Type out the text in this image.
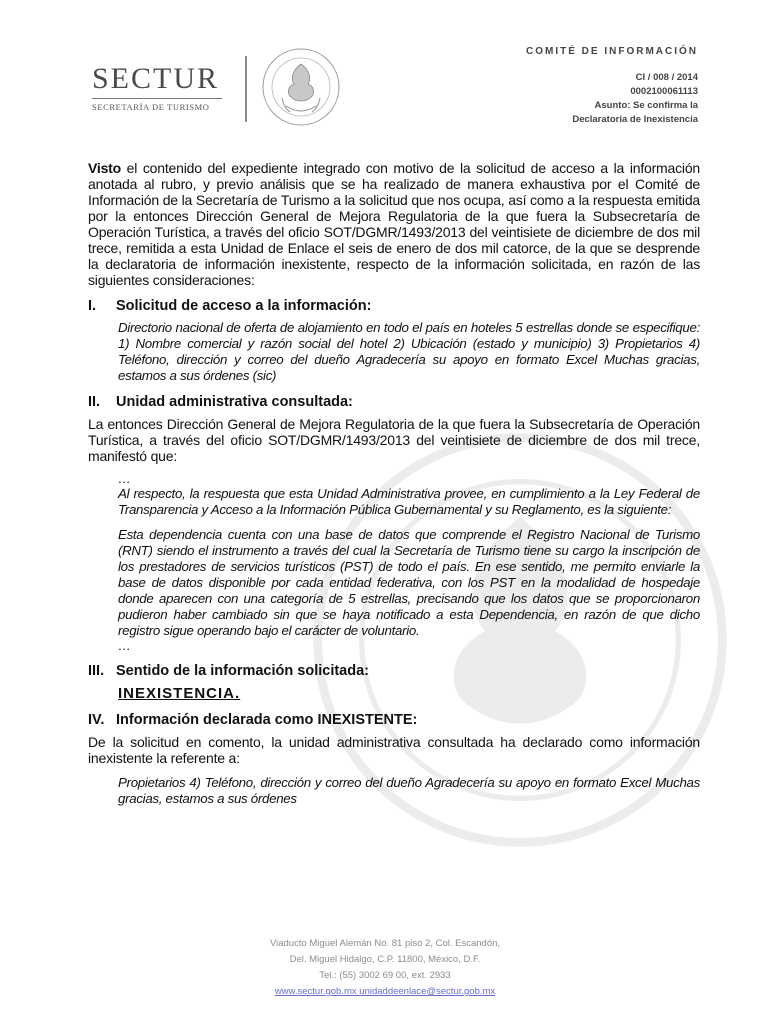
SECTUR
SECRETARÍA DE TURISMO
COMITÉ DE INFORMACIÓN
CI / 008 / 2014
0002100061113
Asunto: Se confirma la
Declaratoria de Inexistencia

Visto el contenido del expediente integrado con motivo de la solicitud de acceso a la información anotada al rubro, y previo análisis que se ha realizado de manera exhaustiva por el Comité de Información de la Secretaría de Turismo a la solicitud que nos ocupa, así como a la respuesta emitida por la entonces Dirección General de Mejora Regulatoria de la que fuera la Subsecretaría de Operación Turística, a través del oficio SOT/DGMR/1493/2013 del veintisiete de diciembre de dos mil trece, remitida a esta Unidad de Enlace el seis de enero de dos mil catorce, de la que se desprende la declaratoria de información inexistente, respecto de la información solicitada, en razón de las siguientes consideraciones:

I.	Solicitud de acceso a la información:

Directorio nacional de oferta de alojamiento en todo el país en hoteles 5 estrellas donde se especifique: 1) Nombre comercial y razón social del hotel 2) Ubicación (estado y municipio) 3) Propietarios 4) Teléfono, dirección y correo del dueño Agradecería su apoyo en formato Excel Muchas gracias, estamos a sus órdenes (sic)

II.	Unidad administrativa consultada:

La entonces Dirección General de Mejora Regulatoria de la que fuera la Subsecretaría de Operación Turística, a través del oficio SOT/DGMR/1493/2013 del veintisiete de diciembre de dos mil trece, manifestó que:

…

Al respecto, la respuesta que esta Unidad Administrativa provee, en cumplimiento a la Ley Federal de Transparencia y Acceso a la Información Pública Gubernamental y su Reglamento, es la siguiente:

Esta dependencia cuenta con una base de datos que comprende el Registro Nacional de Turismo (RNT) siendo el instrumento a través del cual la Secretaría de Turismo tiene su cargo la inscripción de los prestadores de servicios turísticos (PST) de todo el país. En ese sentido, me permito enviarle la base de datos disponible por cada entidad federativa, con los PST en la modalidad de hospedaje donde aparecen con una categoría de 5 estrellas, precisando que los datos que se proporcionaron pudieron haber cambiado sin que se haya notificado a esta Dependencia, en razón de que dicho registro sigue operando bajo el carácter de voluntario.

…

III. Sentido de la información solicitada:

INEXISTENCIA.

IV. Información declarada como INEXISTENTE:

De la solicitud en comento, la unidad administrativa consultada ha declarado como información inexistente la referente a:

Propietarios 4) Teléfono, dirección y correo del dueño Agradecería su apoyo en formato Excel Muchas gracias, estamos a sus órdenes

Viaducto Miguel Alemán No. 81 piso 2, Col. Escandón,
Del. Miguel Hidalgo, C.P. 11800, México, D.F.
Tel.: (55) 3002 69 00, ext. 2933
www.sectur.gob.mx unidaddeenlace@sectur.gob.mx
